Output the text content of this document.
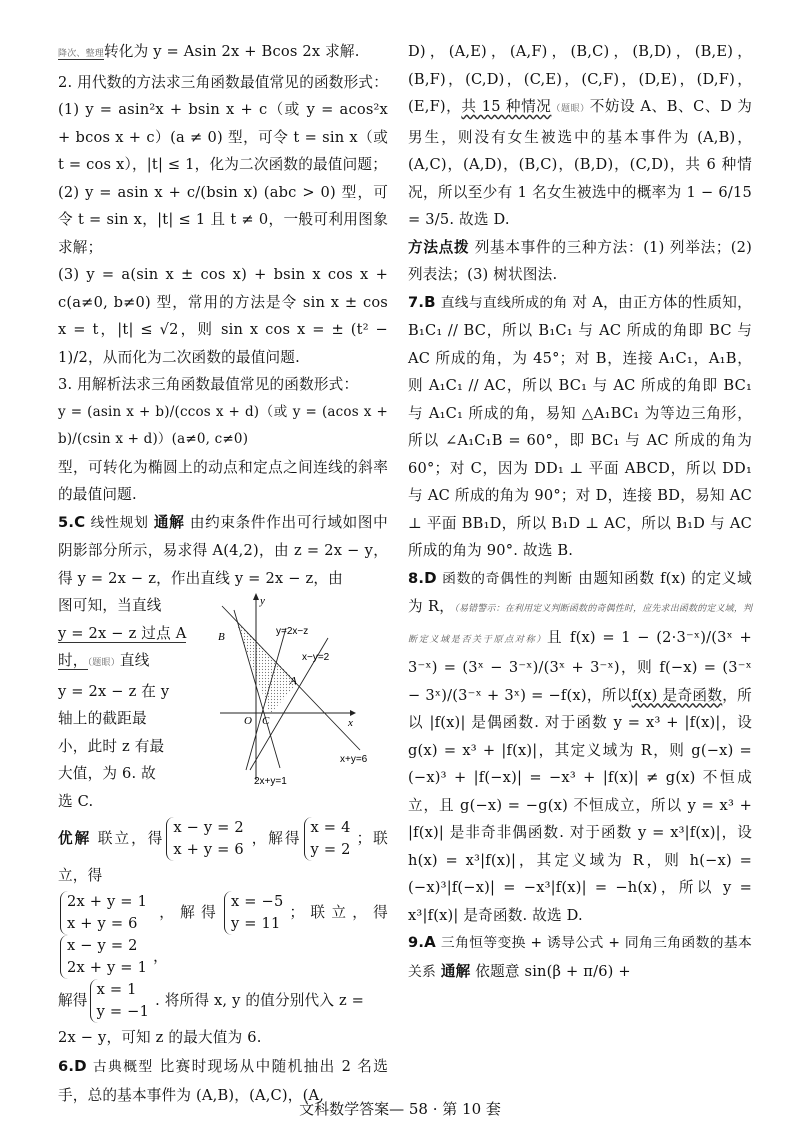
降次、整理转化为 y = Asin 2x + Bcos 2x 求解.

2. 用代数的方法求三角函数最值常见的函数形式：(1) y = asin²x + bsin x + c（或 y = acos²x + bcos x + c）(a ≠ 0) 型，可令 t = sin x（或 t = cos x），|t| ≤ 1，化为二次函数的最值问题；

(2) y = asin x + c/(bsin x) (abc > 0) 型，可令 t = sin x，|t| ≤ 1 且 t ≠ 0，一般可利用图象求解；

(3) y = a(sin x ± cos x) + bsin x cos x + c(a≠0, b≠0) 型，常用的方法是令 sin x ± cos x = t，|t| ≤ √2，则 sin x cos x = ± (t² − 1)/2，从而化为二次函数的最值问题.

3. 用解析法求三角函数最值常见的函数形式：

y = (asin x + b)/(ccos x + d)（或 y = (acos x + b)/(csin x + d)）(a≠0, c≠0)

型，可转化为椭圆上的动点和定点之间连线的斜率的最值问题.

5.C 线性规划 通解 由约束条件作出可行域如图中阴影部分所示，易求得 A(4,2)，由 z = 2x − y，得 y = 2x − z，作出直线 y = 2x − z，由

图可知，当直线
y = 2x − z 过点 A
时，（题眼）直线
y = 2x − z 在 y
轴上的截距最
小，此时 z 有最
大值，为 6. 故
选 C.

优解 联立，得x − y = 2
x + y = 6，解得x = 4
y = 2；联立，得
2x + y = 1
x + y = 6，解得x = −5
y = 11；联立，得x − y = 2
2x + y = 1，
解得x = 1
y = −1. 将所得 x, y 的值分别代入 z =
2x − y，可知 z 的最大值为 6.

6.D 古典概型 比赛时现场从中随机抽出 2 名选手，总的基本事件为 (A,B)，(A,C)，(A,

y
x
O
A
B
C
y=2x−z
x−y=2
x+y=6
2x+y=1

D)，(A,E)，(A,F)，(B,C)，(B,D)，(B,E)，(B,F)，(C,D)，(C,E)，(C,F)，(D,E)，(D,F)，(E,F)，共 15 种情况（题眼）不妨设 A、B、C、D 为男生，则没有女生被选中的基本事件为 (A,B)，(A,C)，(A,D)，(B,C)，(B,D)，(C,D)，共 6 种情况，所以至少有 1 名女生被选中的概率为 1 − 6/15 = 3/5. 故选 D.

方法点拨 列基本事件的三种方法：(1) 列举法；(2) 列表法；(3) 树状图法.

7.B 直线与直线所成的角 对 A，由正方体的性质知，B₁C₁ // BC，所以 B₁C₁ 与 AC 所成的角即 BC 与 AC 所成的角，为 45°；对 B，连接 A₁C₁，A₁B，则 A₁C₁ // AC，所以 BC₁ 与 AC 所成的角即 BC₁ 与 A₁C₁ 所成的角，易知 △A₁BC₁ 为等边三角形，所以 ∠A₁C₁B = 60°，即 BC₁ 与 AC 所成的角为 60°；对 C，因为 DD₁ ⊥ 平面 ABCD，所以 DD₁ 与 AC 所成的角为 90°；对 D，连接 BD，易知 AC ⊥ 平面 BB₁D，所以 B₁D ⊥ AC，所以 B₁D 与 AC 所成的角为 90°. 故选 B.

8.D 函数的奇偶性的判断 由题知函数 f(x) 的定义域为 R，（易错警示：在利用定义判断函数的奇偶性时，应先求出函数的定义域，判断定义域是否关于原点对称）且 f(x) = 1 − (2·3⁻ˣ)/(3ˣ + 3⁻ˣ) = (3ˣ − 3⁻ˣ)/(3ˣ + 3⁻ˣ)，则 f(−x) = (3⁻ˣ − 3ˣ)/(3⁻ˣ + 3ˣ) = −f(x)，所以f(x) 是奇函数，所以 |f(x)| 是偶函数. 对于函数 y = x³ + |f(x)|，设 g(x) = x³ + |f(x)|，其定义域为 R，则 g(−x) = (−x)³ + |f(−x)| = −x³ + |f(x)| ≠ g(x) 不恒成立，且 g(−x) = −g(x) 不恒成立，所以 y = x³ + |f(x)| 是非奇非偶函数. 对于函数 y = x³|f(x)|，设 h(x) = x³|f(x)|，其定义域为 R，则 h(−x) = (−x)³|f(−x)| = −x³|f(x)| = −h(x)，所以 y = x³|f(x)| 是奇函数. 故选 D.

9.A 三角恒等变换 + 诱导公式 + 同角三角函数的基本关系 通解 依题意 sin(β + π/6) +

文科数学答案— 58 · 第 10 套
